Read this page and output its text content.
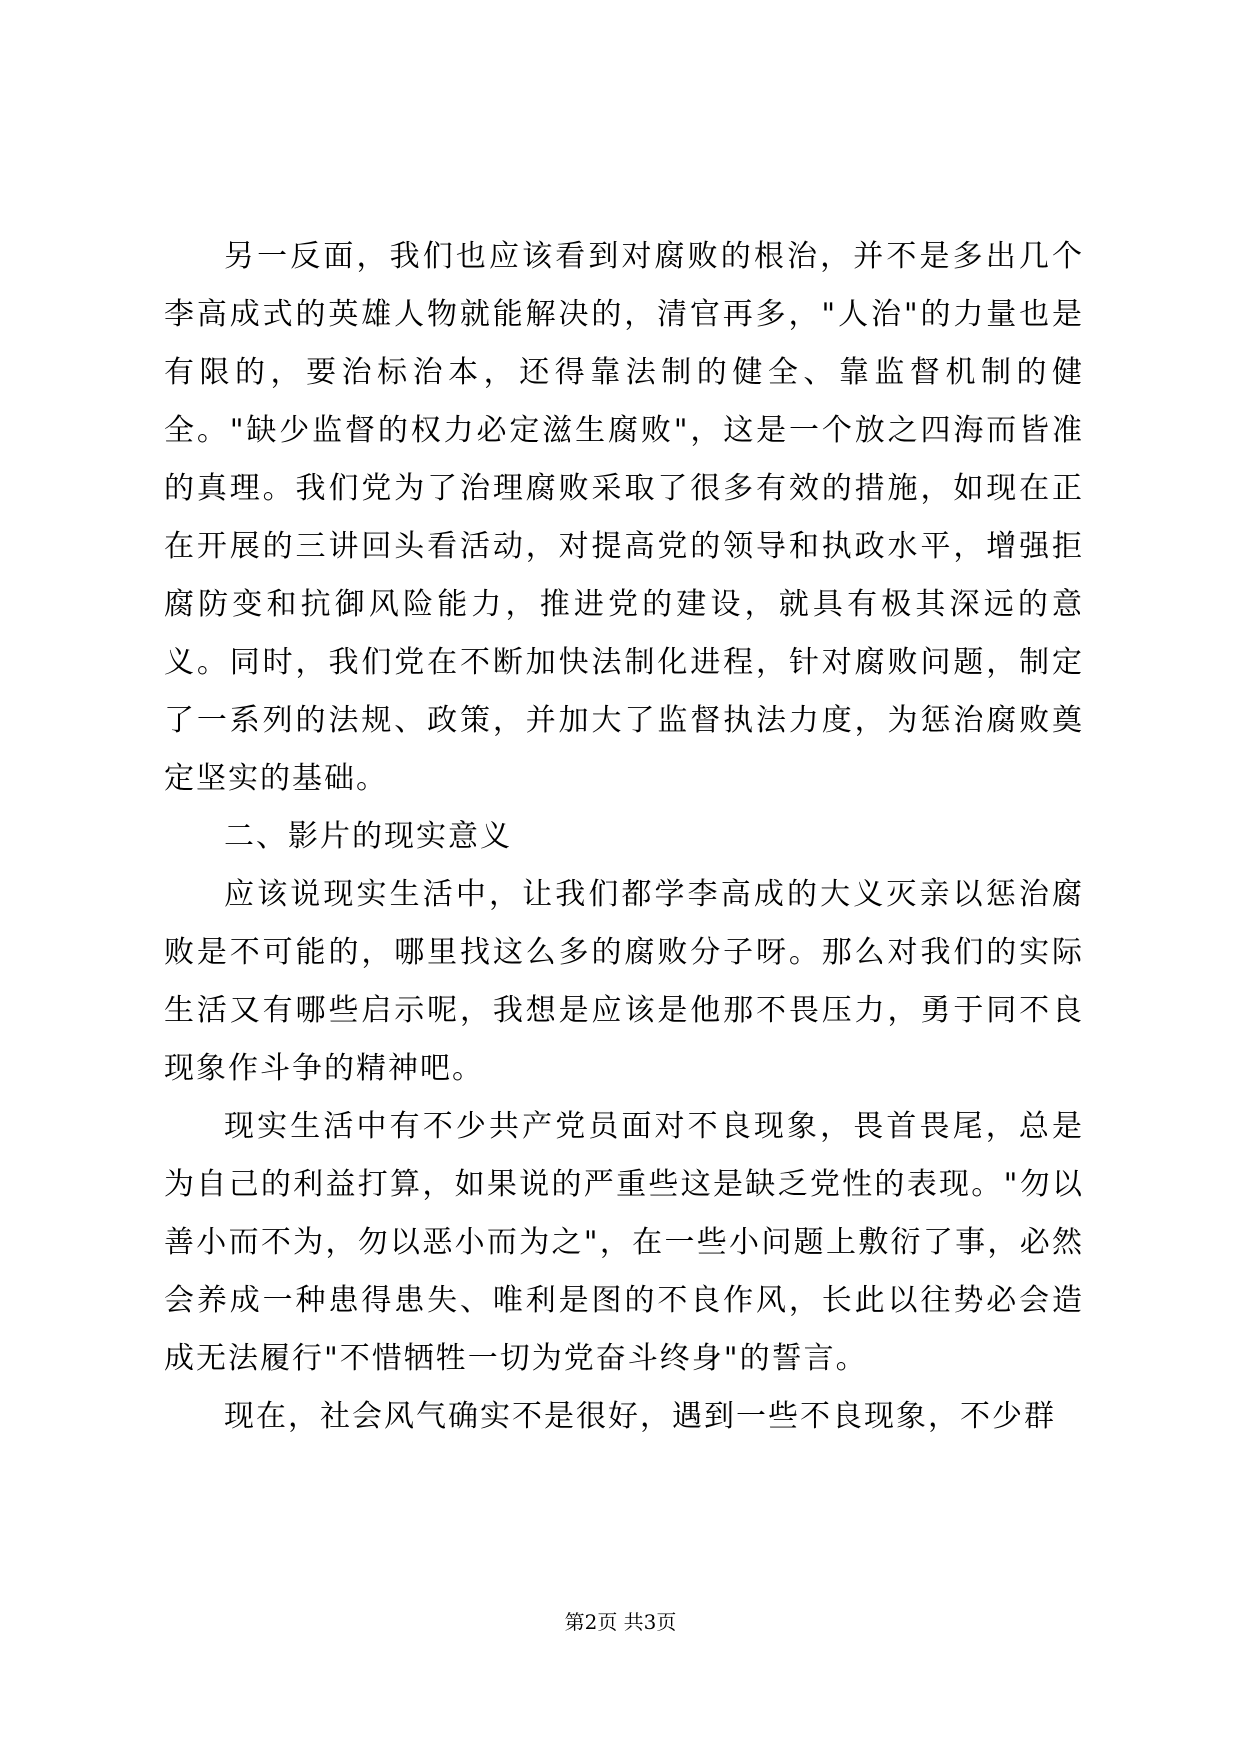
另一反面，我们也应该看到对腐败的根治，并不是多出几个李高成式的英雄人物就能解决的，清官再多，"人治"的力量也是有限的，要治标治本，还得靠法制的健全、靠监督机制的健全。"缺少监督的权力必定滋生腐败"，这是一个放之四海而皆准的真理。我们党为了治理腐败采取了很多有效的措施，如现在正在开展的三讲回头看活动，对提高党的领导和执政水平，增强拒腐防变和抗御风险能力，推进党的建设，就具有极其深远的意义。同时，我们党在不断加快法制化进程，针对腐败问题，制定了一系列的法规、政策，并加大了监督执法力度，为惩治腐败奠定坚实的基础。

二、影片的现实意义

应该说现实生活中，让我们都学李高成的大义灭亲以惩治腐败是不可能的，哪里找这么多的腐败分子呀。那么对我们的实际生活又有哪些启示呢，我想是应该是他那不畏压力，勇于同不良现象作斗争的精神吧。

现实生活中有不少共产党员面对不良现象，畏首畏尾，总是为自己的利益打算，如果说的严重些这是缺乏党性的表现。"勿以善小而不为，勿以恶小而为之"，在一些小问题上敷衍了事，必然会养成一种患得患失、唯利是图的不良作风，长此以往势必会造成无法履行"不惜牺牲一切为党奋斗终身"的誓言。

现在，社会风气确实不是很好，遇到一些不良现象，不少群

第2页 共3页
